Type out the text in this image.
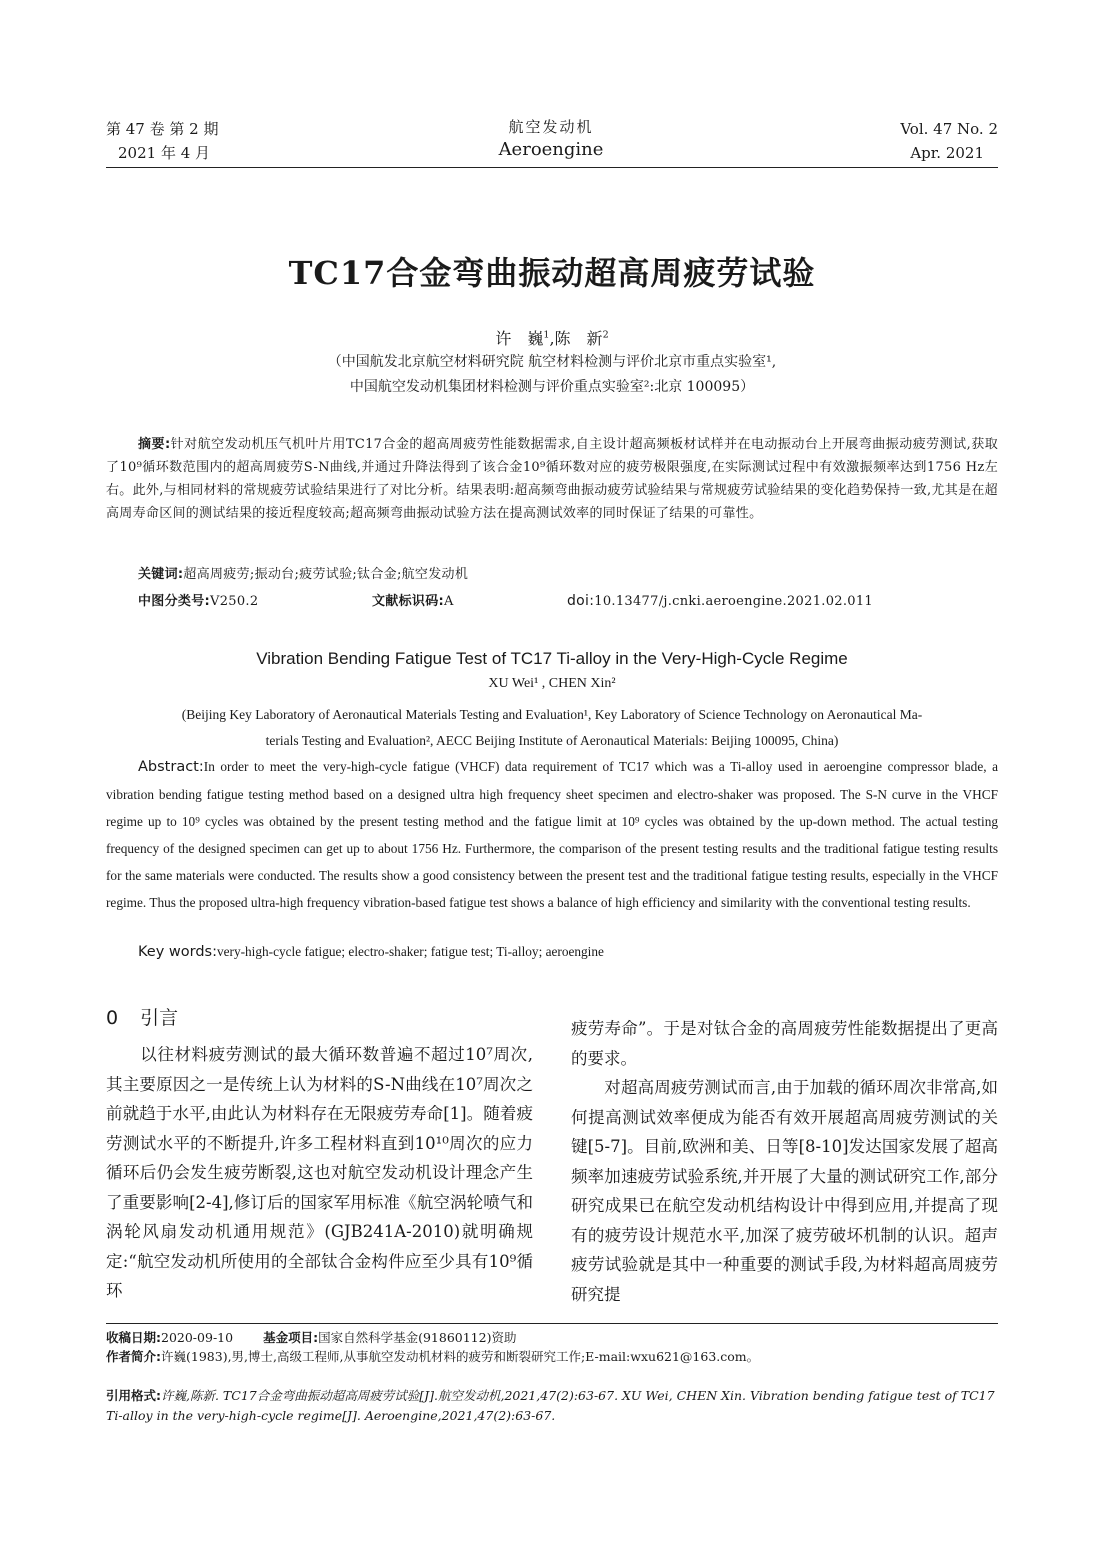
第 47 卷 第 2 期
2021 年 4 月
航空发动机
Aeroengine
Vol. 47 No. 2
Apr. 2021
TC17合金弯曲振动超高周疲劳试验
许　巍$^1$,陈　新$^2$
（中国航发北京航空材料研究院 航空材料检测与评价北京市重点实验室¹,
中国航空发动机集团材料检测与评价重点实验室²:北京 100095）
摘要:针对航空发动机压气机叶片用TC17合金的超高周疲劳性能数据需求,自主设计超高频板材试样并在电动振动台上开展弯曲振动疲劳测试,获取了10⁹循环数范围内的超高周疲劳S-N曲线,并通过升降法得到了该合金10⁹循环数对应的疲劳极限强度,在实际测试过程中有效激振频率达到1756 Hz左右。此外,与相同材料的常规疲劳试验结果进行了对比分析。结果表明:超高频弯曲振动疲劳试验结果与常规疲劳试验结果的变化趋势保持一致,尤其是在超高周寿命区间的测试结果的接近程度较高;超高频弯曲振动试验方法在提高测试效率的同时保证了结果的可靠性。
关键词:超高周疲劳;振动台;疲劳试验;钛合金;航空发动机
中图分类号:V250.2	文献标识码:A	doi:10.13477/j.cnki.aeroengine.2021.02.011
Vibration Bending Fatigue Test of TC17 Ti-alloy in the Very-High-Cycle Regime
XU Wei¹ , CHEN Xin²
(Beijing Key Laboratory of Aeronautical Materials Testing and Evaluation¹, Key Laboratory of Science Technology on Aeronautical Ma-
terials Testing and Evaluation², AECC Beijing Institute of Aeronautical Materials: Beijing 100095, China)
Abstract:In order to meet the very-high-cycle fatigue (VHCF) data requirement of TC17 which was a Ti-alloy used in aeroengine compressor blade, a vibration bending fatigue testing method based on a designed ultra high frequency sheet specimen and electro-shaker was proposed. The S-N curve in the VHCF regime up to 10⁹ cycles was obtained by the present testing method and the fatigue limit at 10⁹ cycles was obtained by the up-down method. The actual testing frequency of the designed specimen can get up to about 1756 Hz. Furthermore, the comparison of the present testing results and the traditional fatigue testing results for the same materials were conducted. The results show a good consistency between the present test and the traditional fatigue testing results, especially in the VHCF regime. Thus the proposed ultra-high frequency vibration-based fatigue test shows a balance of high efficiency and similarity with the conventional testing results.
Key words:very-high-cycle fatigue; electro-shaker; fatigue test; Ti-alloy; aeroengine
0 引言
　　以往材料疲劳测试的最大循环数普遍不超过10⁷周次,其主要原因之一是传统上认为材料的S-N曲线在10⁷周次之前就趋于水平,由此认为材料存在无限疲劳寿命[1]。随着疲劳测试水平的不断提升,许多工程材料直到10¹⁰周次的应力循环后仍会发生疲劳断裂,这也对航空发动机设计理念产生了重要影响[2-4],修订后的国家军用标准《航空涡轮喷气和涡轮风扇发动机通用规范》(GJB241A-2010)就明确规定:“航空发动机所使用的全部钛合金构件应至少具有10⁹循环
疲劳寿命”。于是对钛合金的高周疲劳性能数据提出了更高的要求。
　　对超高周疲劳测试而言,由于加载的循环周次非常高,如何提高测试效率便成为能否有效开展超高周疲劳测试的关键[5-7]。目前,欧洲和美、日等[8-10]发达国家发展了超高频率加速疲劳试验系统,并开展了大量的测试研究工作,部分研究成果已在航空发动机结构设计中得到应用,并提高了现有的疲劳设计规范水平,加深了疲劳破坏机制的认识。超声疲劳试验就是其中一种重要的测试手段,为材料超高周疲劳研究提
收稿日期:2020-09-10 基金项目:国家自然科学基金(91860112)资助
作者简介:许巍(1983),男,博士,高级工程师,从事航空发动机材料的疲劳和断裂研究工作;E-mail:wxu621@163.com。
引用格式:许巍,陈新. TC17合金弯曲振动超高周疲劳试验[J].航空发动机,2021,47(2):63-67. XU Wei, CHEN Xin. Vibration bending fatigue test of TC17 Ti-alloy in the very-high-cycle regime[J]. Aeroengine,2021,47(2):63-67.
